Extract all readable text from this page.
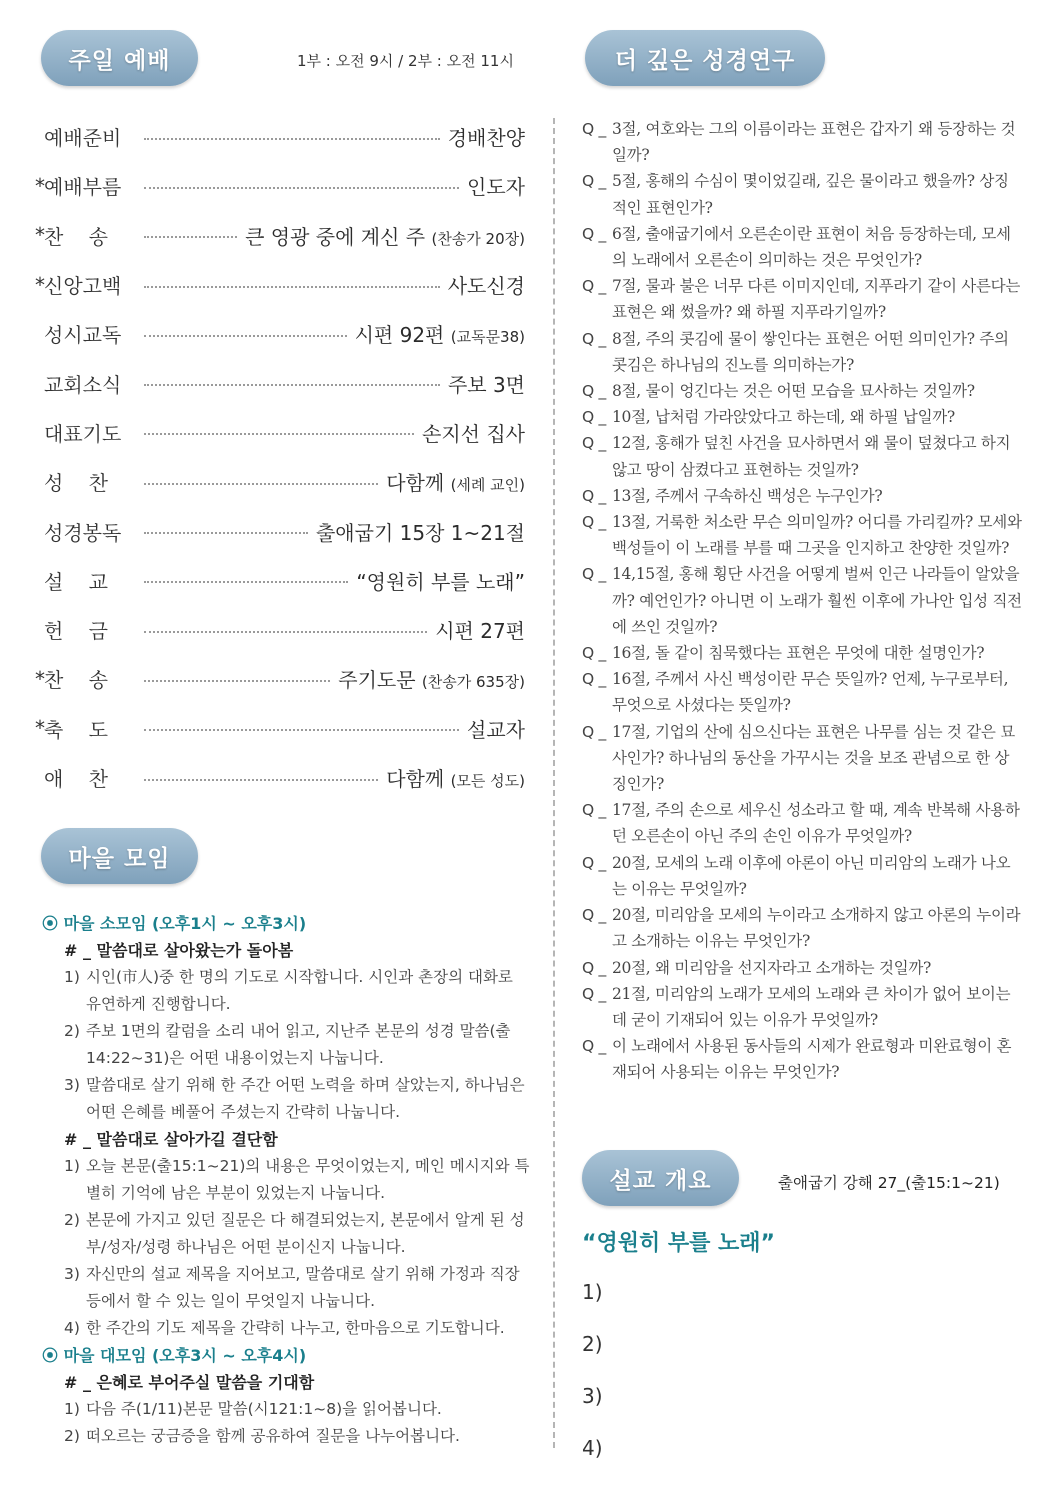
주일 예배	1부 : 오전 9시 / 2부 : 오전 11시	더 깊은 성경연구
예배준비	경배찬양
* 예배부름	인도자
* 찬 송	큰 영광 중에 계신 주 (찬송가 20장)
* 신앙고백	사도신경
성시교독	시편 92편 (교독문38)
교회소식	주보 3면
대표기도	손지선 집사
성 찬	다함께 (세례 교인)
성경봉독	출애굽기 15장 1~21절
설 교	“영원히 부를 노래”
헌 금	시편 27편
* 찬 송	주기도문 (찬송가 635장)
* 축 도	설교자
애 찬	다함께 (모든 성도)
마을 모임
⦿ 마을 소모임 (오후1시 ~ 오후3시)
# _ 말씀대로 살아왔는가 돌아봄
1) 시인(市人)중 한 명의 기도로 시작합니다. 시인과 촌장의 대화로 유연하게 진행합니다.
2) 주보 1면의 칼럼을 소리 내어 읽고, 지난주 본문의 성경 말씀(출14:22~31)은 어떤 내용이었는지 나눕니다.
3) 말씀대로 살기 위해 한 주간 어떤 노력을 하며 살았는지, 하나님은 어떤 은혜를 베풀어 주셨는지 간략히 나눕니다.
# _ 말씀대로 살아가길 결단함
1) 오늘 본문(출15:1~21)의 내용은 무엇이었는지, 메인 메시지와 특별히 기억에 남은 부분이 있었는지 나눕니다.
2) 본문에 가지고 있던 질문은 다 해결되었는지, 본문에서 알게 된 성부/성자/성령 하나님은 어떤 분이신지 나눕니다.
3) 자신만의 설교 제목을 지어보고, 말씀대로 살기 위해 가정과 직장 등에서 할 수 있는 일이 무엇일지 나눕니다.
4) 한 주간의 기도 제목을 간략히 나누고, 한마음으로 기도합니다.
⦿ 마을 대모임 (오후3시 ~ 오후4시)
# _ 은혜로 부어주실 말씀을 기대함
1) 다음 주(1/11)본문 말씀(시121:1~8)을 읽어봅니다.
2) 떠오르는 궁금증을 함께 공유하여 질문을 나누어봅니다.
Q _ 3절, 여호와는 그의 이름이라는 표현은 갑자기 왜 등장하는 것일까?
Q _ 5절, 홍해의 수심이 몇이었길래, 깊은 물이라고 했을까? 상징적인 표현인가?
Q _ 6절, 출애굽기에서 오른손이란 표현이 처음 등장하는데, 모세의 노래에서 오른손이 의미하는 것은 무엇인가?
Q _ 7절, 물과 불은 너무 다른 이미지인데, 지푸라기 같이 사른다는 표현은 왜 썼을까? 왜 하필 지푸라기일까?
Q _ 8절, 주의 콧김에 물이 쌓인다는 표현은 어떤 의미인가? 주의 콧김은 하나님의 진노를 의미하는가?
Q _ 8절, 물이 엉긴다는 것은 어떤 모습을 묘사하는 것일까?
Q _ 10절, 납처럼 가라앉았다고 하는데, 왜 하필 납일까?
Q _ 12절, 홍해가 덮친 사건을 묘사하면서 왜 물이 덮쳤다고 하지 않고 땅이 삼켰다고 표현하는 것일까?
Q _ 13절, 주께서 구속하신 백성은 누구인가?
Q _ 13절, 거룩한 처소란 무슨 의미일까? 어디를 가리킬까? 모세와 백성들이 이 노래를 부를 때 그곳을 인지하고 찬양한 것일까?
Q _ 14,15절, 홍해 횡단 사건을 어떻게 벌써 인근 나라들이 알았을까? 예언인가? 아니면 이 노래가 훨씬 이후에 가나안 입성 직전에 쓰인 것일까?
Q _ 16절, 돌 같이 침묵했다는 표현은 무엇에 대한 설명인가?
Q _ 16절, 주께서 사신 백성이란 무슨 뜻일까? 언제, 누구로부터, 무엇으로 사셨다는 뜻일까?
Q _ 17절, 기업의 산에 심으신다는 표현은 나무를 심는 것 같은 묘사인가? 하나님의 동산을 가꾸시는 것을 보조 관념으로 한 상징인가?
Q _ 17절, 주의 손으로 세우신 성소라고 할 때, 계속 반복해 사용하던 오른손이 아닌 주의 손인 이유가 무엇일까?
Q _ 20절, 모세의 노래 이후에 아론이 아닌 미리암의 노래가 나오는 이유는 무엇일까?
Q _ 20절, 미리암을 모세의 누이라고 소개하지 않고 아론의 누이라고 소개하는 이유는 무엇인가?
Q _ 20절, 왜 미리암을 선지자라고 소개하는 것일까?
Q _ 21절, 미리암의 노래가 모세의 노래와 큰 차이가 없어 보이는데 굳이 기재되어 있는 이유가 무엇일까?
Q _ 이 노래에서 사용된 동사들의 시제가 완료형과 미완료형이 혼재되어 사용되는 이유는 무엇인가?
설교 개요	출애굽기 강해 27_(출15:1~21)
“영원히 부를 노래”
1)
2)
3)
4)
